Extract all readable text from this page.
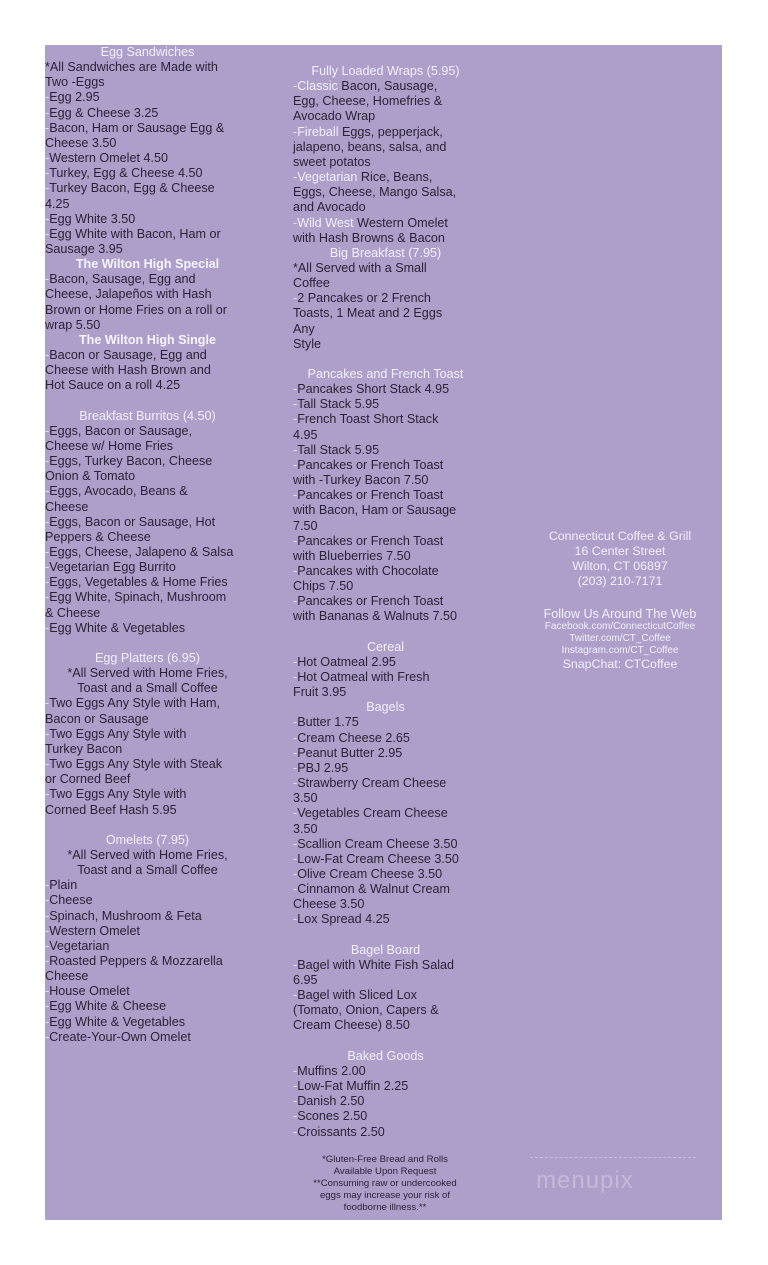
Egg Sandwiches
*All Sandwiches are Made with
Two -Eggs
-Egg 2.95
-Egg & Cheese 3.25
-Bacon, Ham or Sausage Egg &
Cheese 3.50
-Western Omelet 4.50
-Turkey, Egg & Cheese 4.50
-Turkey Bacon, Egg & Cheese
4.25
-Egg White 3.50
-Egg White with Bacon, Ham or
Sausage 3.95
The Wilton High Special
-Bacon, Sausage, Egg and
Cheese, Jalapeños with Hash
Brown or Home Fries on a roll or
wrap 5.50
The Wilton High Single
-Bacon or Sausage, Egg and
Cheese with Hash Brown and
Hot Sauce on a roll 4.25
Breakfast Burritos (4.50)
-Eggs, Bacon or Sausage,
Cheese w/ Home Fries
-Eggs, Turkey Bacon, Cheese
Onion & Tomato
-Eggs, Avocado, Beans &
Cheese
-Eggs, Bacon or Sausage, Hot
Peppers & Cheese
-Eggs, Cheese, Jalapeno & Salsa
-Vegetarian Egg Burrito
-Eggs, Vegetables & Home Fries
-Egg White, Spinach, Mushroom
& Cheese
-Egg White & Vegetables
Egg Platters (6.95)
*All Served with Home Fries,
Toast and a Small Coffee
-Two Eggs Any Style with Ham,
Bacon or Sausage
-Two Eggs Any Style with
Turkey Bacon
-Two Eggs Any Style with Steak
or Corned Beef
-Two Eggs Any Style with
Corned Beef Hash 5.95
Omelets (7.95)
*All Served with Home Fries,
Toast and a Small Coffee
-Plain
-Cheese
-Spinach, Mushroom & Feta
-Western Omelet
-Vegetarian
-Roasted Peppers & Mozzarella
Cheese
-House Omelet
-Egg White & Cheese
-Egg White & Vegetables
-Create-Your-Own Omelet
Fully Loaded Wraps (5.95)
-Classic Bacon, Sausage,
Egg, Cheese, Homefries &
Avocado Wrap
-Fireball Eggs, pepperjack,
jalapeno, beans, salsa, and
sweet potatos
-Vegetarian Rice, Beans,
Eggs, Cheese, Mango Salsa,
and Avocado
-Wild West Western Omelet
with Hash Browns & Bacon
Big Breakfast (7.95)
*All Served with a Small
Coffee
-2 Pancakes or 2 French
Toasts, 1 Meat and 2 Eggs
Any
Style
Pancakes and French Toast
-Pancakes Short Stack 4.95
-Tall Stack 5.95
-French Toast Short Stack
4.95
-Tall Stack 5.95
-Pancakes or French Toast
with -Turkey Bacon 7.50
-Pancakes or French Toast
with Bacon, Ham or Sausage
7.50
-Pancakes or French Toast
with Blueberries 7.50
-Pancakes with Chocolate
Chips 7.50
-Pancakes or French Toast
with Bananas & Walnuts 7.50
Cereal
-Hot Oatmeal 2.95
-Hot Oatmeal with Fresh
Fruit 3.95
Bagels
-Butter 1.75
-Cream Cheese 2.65
-Peanut Butter 2.95
-PBJ 2.95
-Strawberry Cream Cheese
3.50
-Vegetables Cream Cheese
3.50
-Scallion Cream Cheese 3.50
-Low-Fat Cream Cheese 3.50
-Olive Cream Cheese 3.50
-Cinnamon & Walnut Cream
Cheese 3.50
-Lox Spread 4.25
Bagel Board
-Bagel with White Fish Salad
6.95
-Bagel with Sliced Lox
(Tomato, Onion, Capers &
Cream Cheese) 8.50
Baked Goods
-Muffins 2.00
-Low-Fat Muffin 2.25
-Danish 2.50
-Scones 2.50
-Croissants 2.50
Connecticut Coffee & Grill
16 Center Street
Wilton, CT 06897
(203) 210-7171
Follow Us Around The Web
Facebook.com/ConnecticutCoffee
Twitter.com/CT_Coffee
Instagram.com/CT_Coffee
SnapChat: CTCoffee
*Gluten-Free Bread and Rolls
Available Upon Request
**Consuming raw or undercooked
eggs may increase your risk of
foodborne illness.**
menupix
